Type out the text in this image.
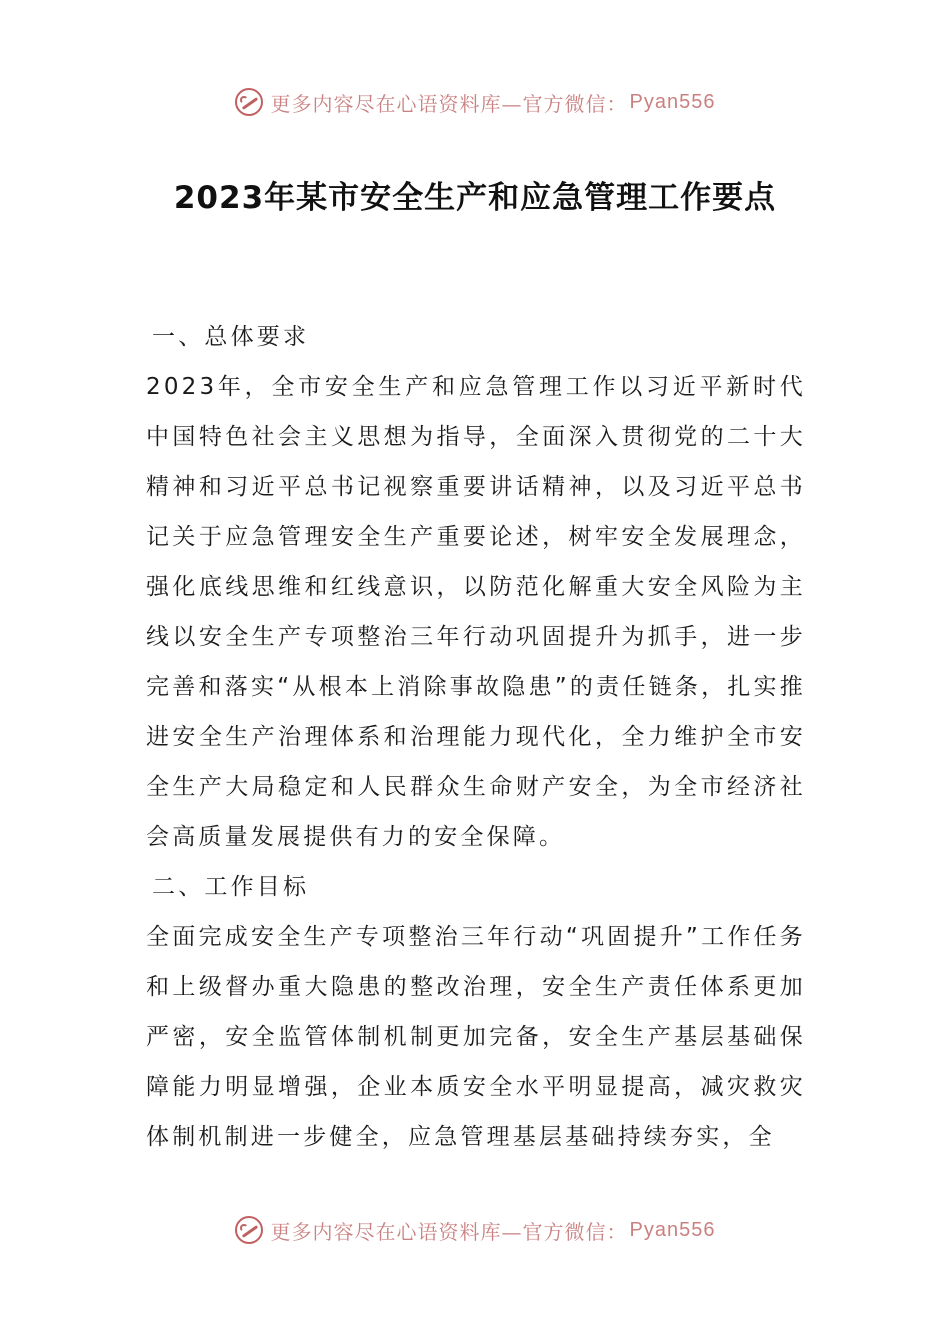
更多内容尽在心语资料库—官方微信： Pyan556
2023年某市安全生产和应急管理工作要点

一、总体要求

2023年，全市安全生产和应急管理工作以习近平新时代中国特色社会主义思想为指导，全面深入贯彻党的二十大精神和习近平总书记视察重要讲话精神，以及习近平总书记关于应急管理安全生产重要论述，树牢安全发展理念，强化底线思维和红线意识，以防范化解重大安全风险为主线以安全生产专项整治三年行动巩固提升为抓手，进一步完善和落实“从根本上消除事故隐患”的责任链条，扎实推进安全生产治理体系和治理能力现代化，全力维护全市安全生产大局稳定和人民群众生命财产安全，为全市经济社会高质量发展提供有力的安全保障。

二、工作目标

全面完成安全生产专项整治三年行动“巩固提升”工作任务和上级督办重大隐患的整改治理，安全生产责任体系更加严密，安全监管体制机制更加完备，安全生产基层基础保障能力明显增强，企业本质安全水平明显提高，减灾救灾体制机制进一步健全，应急管理基层基础持续夯实，全

更多内容尽在心语资料库—官方微信： Pyan556
